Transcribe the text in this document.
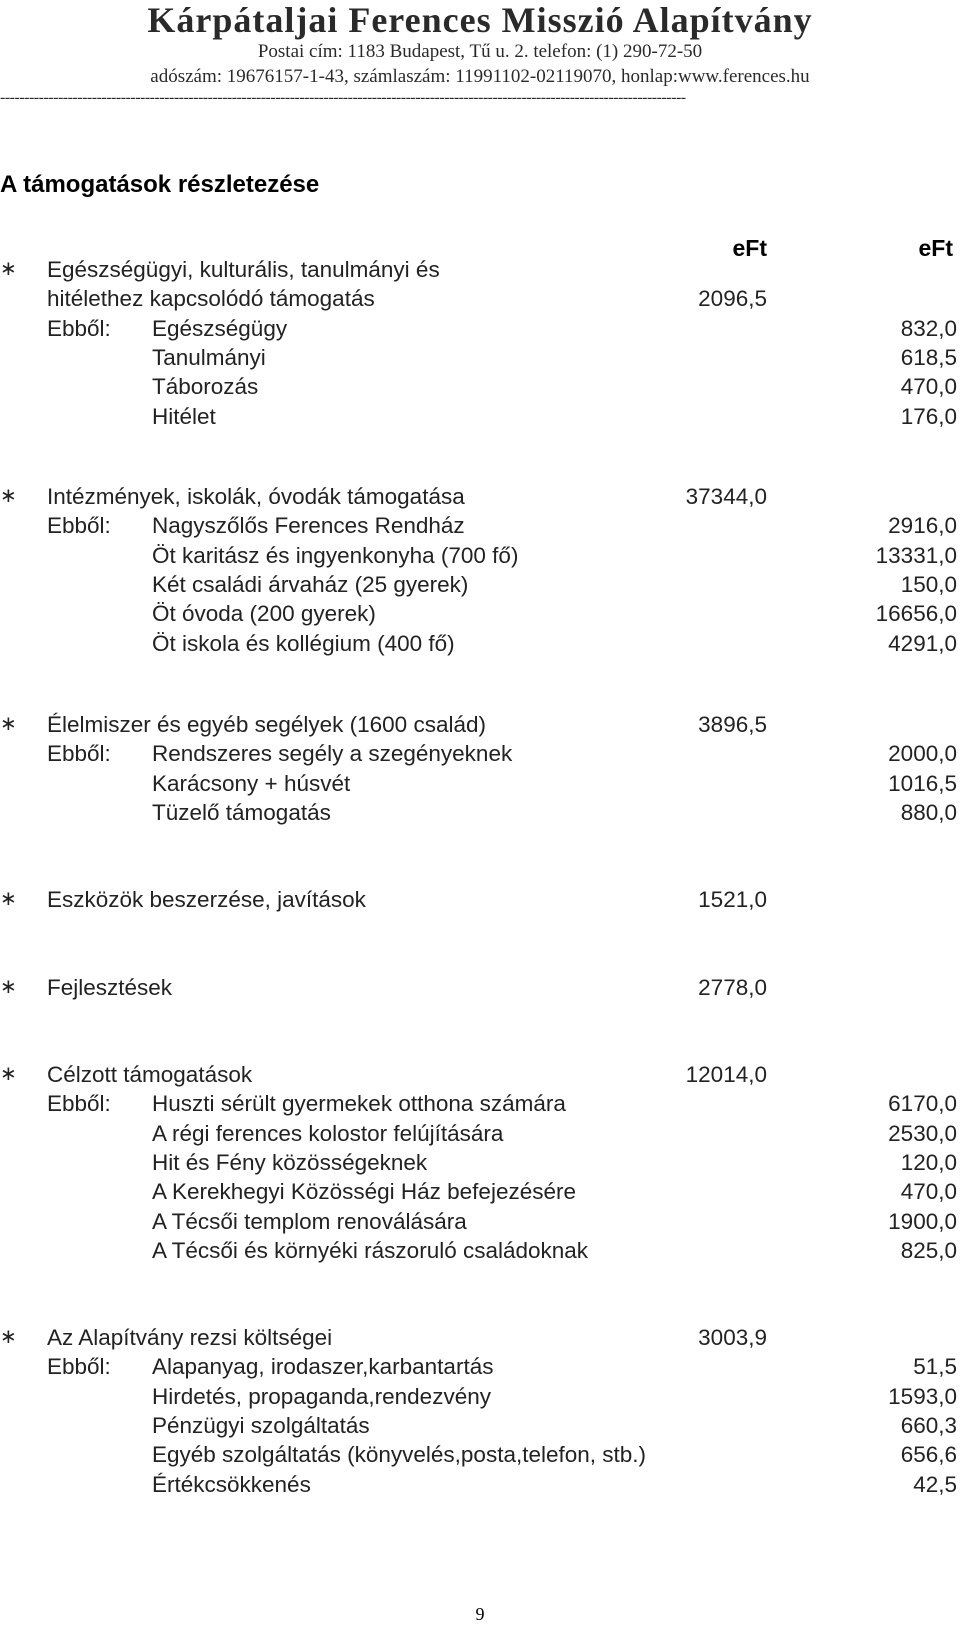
Kárpátaljai Ferences Misszió Alapítvány
Postai cím: 1183 Budapest, Tű u. 2. telefon: (1) 290-72-50
adószám: 19676157-1-43, számlaszám: 11991102-02119070, honlap:www.ferences.hu
----------------------------------------------------------------------------------------------------------------------------------------------
A támogatások részletezése
eFt	eFt
∗ Egészségügyi, kulturális, tanulmányi és
hitélethez kapcsolódó támogatás	2096,5
Ebből: Egészségügy	832,0
Tanulmányi	618,5
Táborozás	470,0
Hitélet	176,0
∗ Intézmények, iskolák, óvodák támogatása	37344,0
Ebből: Nagyszőlős Ferences Rendház	2916,0
Öt karitász és ingyenkonyha (700 fő)	13331,0
Két családi árvaház (25 gyerek)	150,0
Öt óvoda (200 gyerek)	16656,0
Öt iskola és kollégium (400 fő)	4291,0
∗ Élelmiszer és egyéb segélyek (1600 család)	3896,5
Ebből: Rendszeres segély a szegényeknek	2000,0
Karácsony + húsvét	1016,5
Tüzelő támogatás	880,0
∗ Eszközök beszerzése, javítások	1521,0
∗ Fejlesztések	2778,0
∗ Célzott támogatások	12014,0
Ebből: Huszti sérült gyermekek otthona számára	6170,0
A régi ferences kolostor felújítására	2530,0
Hit és Fény közösségeknek	120,0
A Kerekhegyi Közösségi Ház befejezésére	470,0
A Técsői templom renoválására	1900,0
A Técsői és környéki rászoruló családoknak	825,0
∗ Az Alapítvány rezsi költségei	3003,9
Ebből: Alapanyag, irodaszer,karbantartás	51,5
Hirdetés, propaganda,rendezvény	1593,0
Pénzügyi szolgáltatás	660,3
Egyéb szolgáltatás (könyvelés,posta,telefon, stb.)	656,6
Értékcsökkenés	42,5
9
